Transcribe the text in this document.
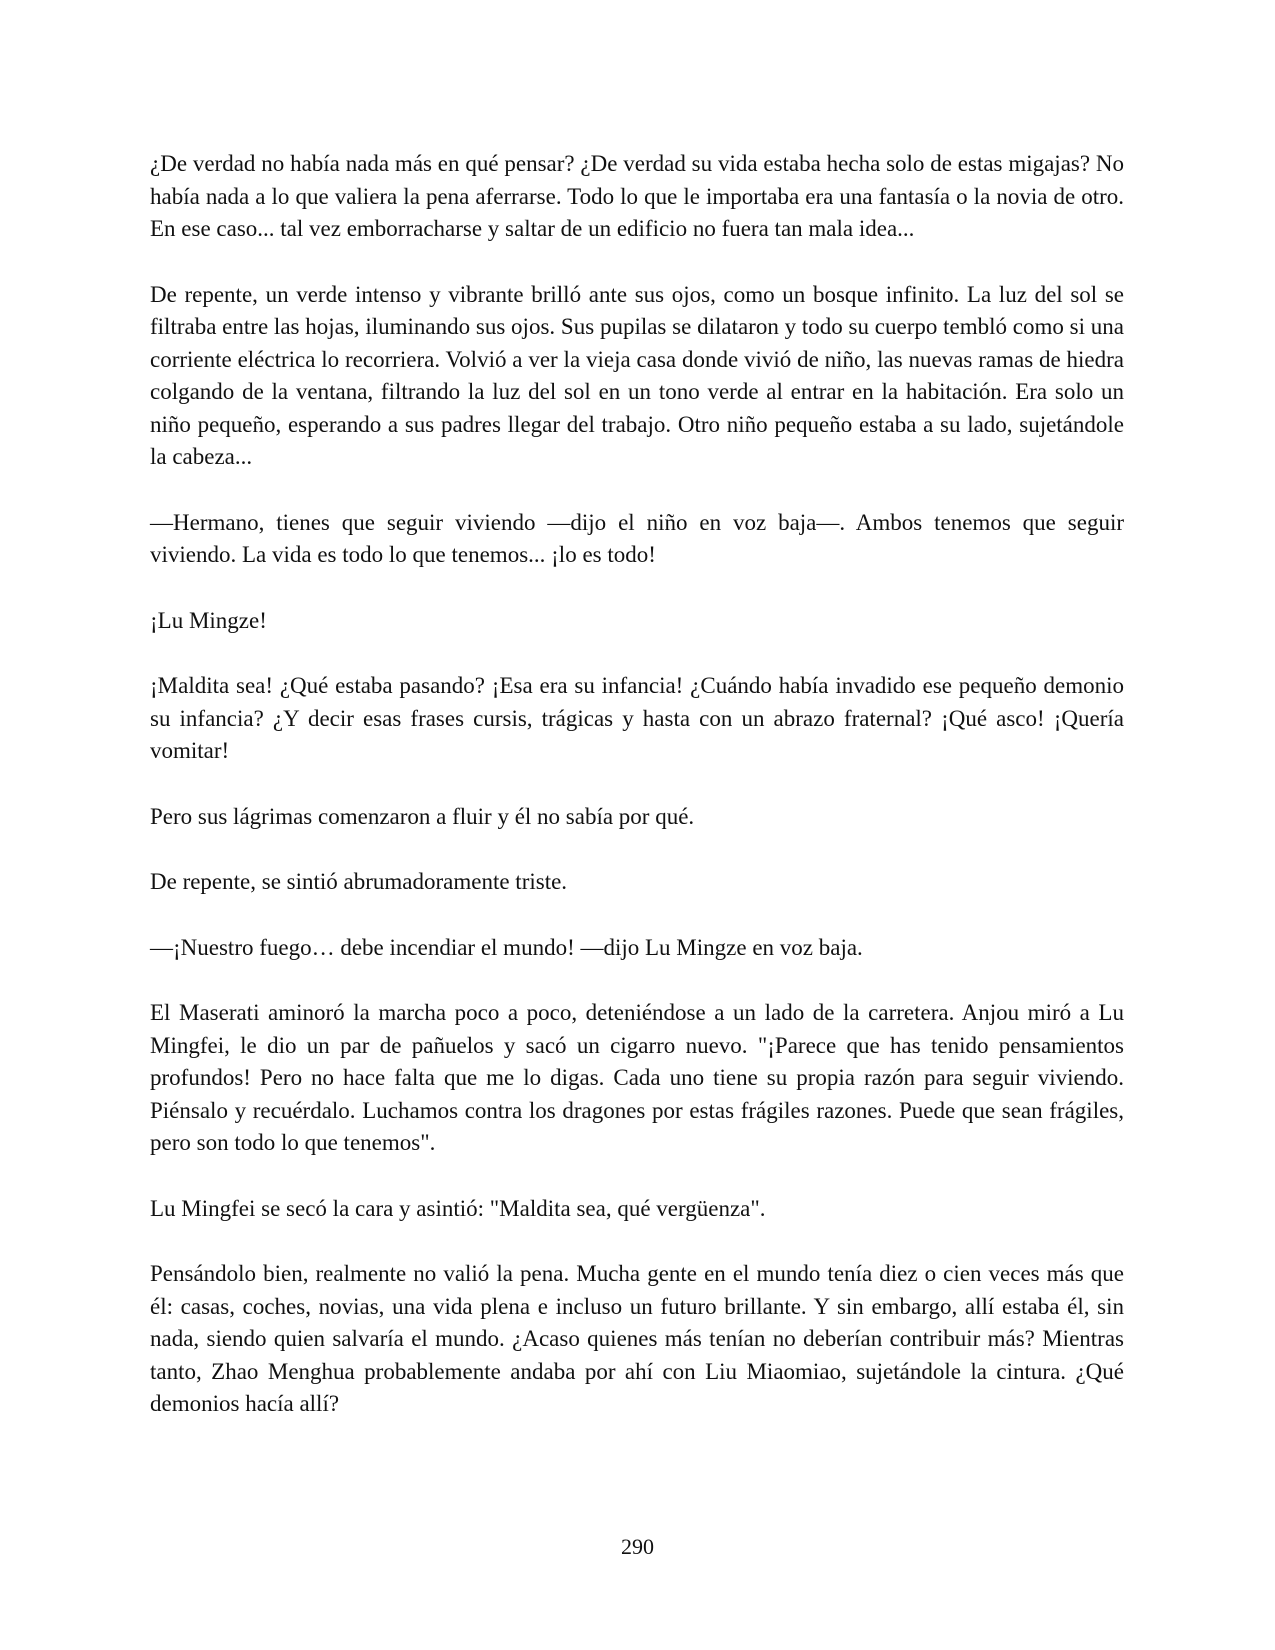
¿De verdad no había nada más en qué pensar? ¿De verdad su vida estaba hecha solo de estas migajas? No había nada a lo que valiera la pena aferrarse. Todo lo que le importaba era una fantasía o la novia de otro. En ese caso... tal vez emborracharse y saltar de un edificio no fuera tan mala idea...

De repente, un verde intenso y vibrante brilló ante sus ojos, como un bosque infinito. La luz del sol se filtraba entre las hojas, iluminando sus ojos. Sus pupilas se dilataron y todo su cuerpo tembló como si una corriente eléctrica lo recorriera. Volvió a ver la vieja casa donde vivió de niño, las nuevas ramas de hiedra colgando de la ventana, filtrando la luz del sol en un tono verde al entrar en la habitación. Era solo un niño pequeño, esperando a sus padres llegar del trabajo. Otro niño pequeño estaba a su lado, sujetándole la cabeza...

—Hermano, tienes que seguir viviendo —dijo el niño en voz baja—. Ambos tenemos que seguir viviendo. La vida es todo lo que tenemos... ¡lo es todo!

¡Lu Mingze!

¡Maldita sea! ¿Qué estaba pasando? ¡Esa era su infancia! ¿Cuándo había invadido ese pequeño demonio su infancia? ¿Y decir esas frases cursis, trágicas y hasta con un abrazo fraternal? ¡Qué asco! ¡Quería vomitar!

Pero sus lágrimas comenzaron a fluir y él no sabía por qué.

De repente, se sintió abrumadoramente triste.

—¡Nuestro fuego… debe incendiar el mundo! —dijo Lu Mingze en voz baja.

El Maserati aminoró la marcha poco a poco, deteniéndose a un lado de la carretera. Anjou miró a Lu Mingfei, le dio un par de pañuelos y sacó un cigarro nuevo. "¡Parece que has tenido pensamientos profundos! Pero no hace falta que me lo digas. Cada uno tiene su propia razón para seguir viviendo. Piénsalo y recuérdalo. Luchamos contra los dragones por estas frágiles razones. Puede que sean frágiles, pero son todo lo que tenemos".

Lu Mingfei se secó la cara y asintió: "Maldita sea, qué vergüenza".

Pensándolo bien, realmente no valió la pena. Mucha gente en el mundo tenía diez o cien veces más que él: casas, coches, novias, una vida plena e incluso un futuro brillante. Y sin embargo, allí estaba él, sin nada, siendo quien salvaría el mundo. ¿Acaso quienes más tenían no deberían contribuir más? Mientras tanto, Zhao Menghua probablemente andaba por ahí con Liu Miaomiao, sujetándole la cintura. ¿Qué demonios hacía allí?

290
